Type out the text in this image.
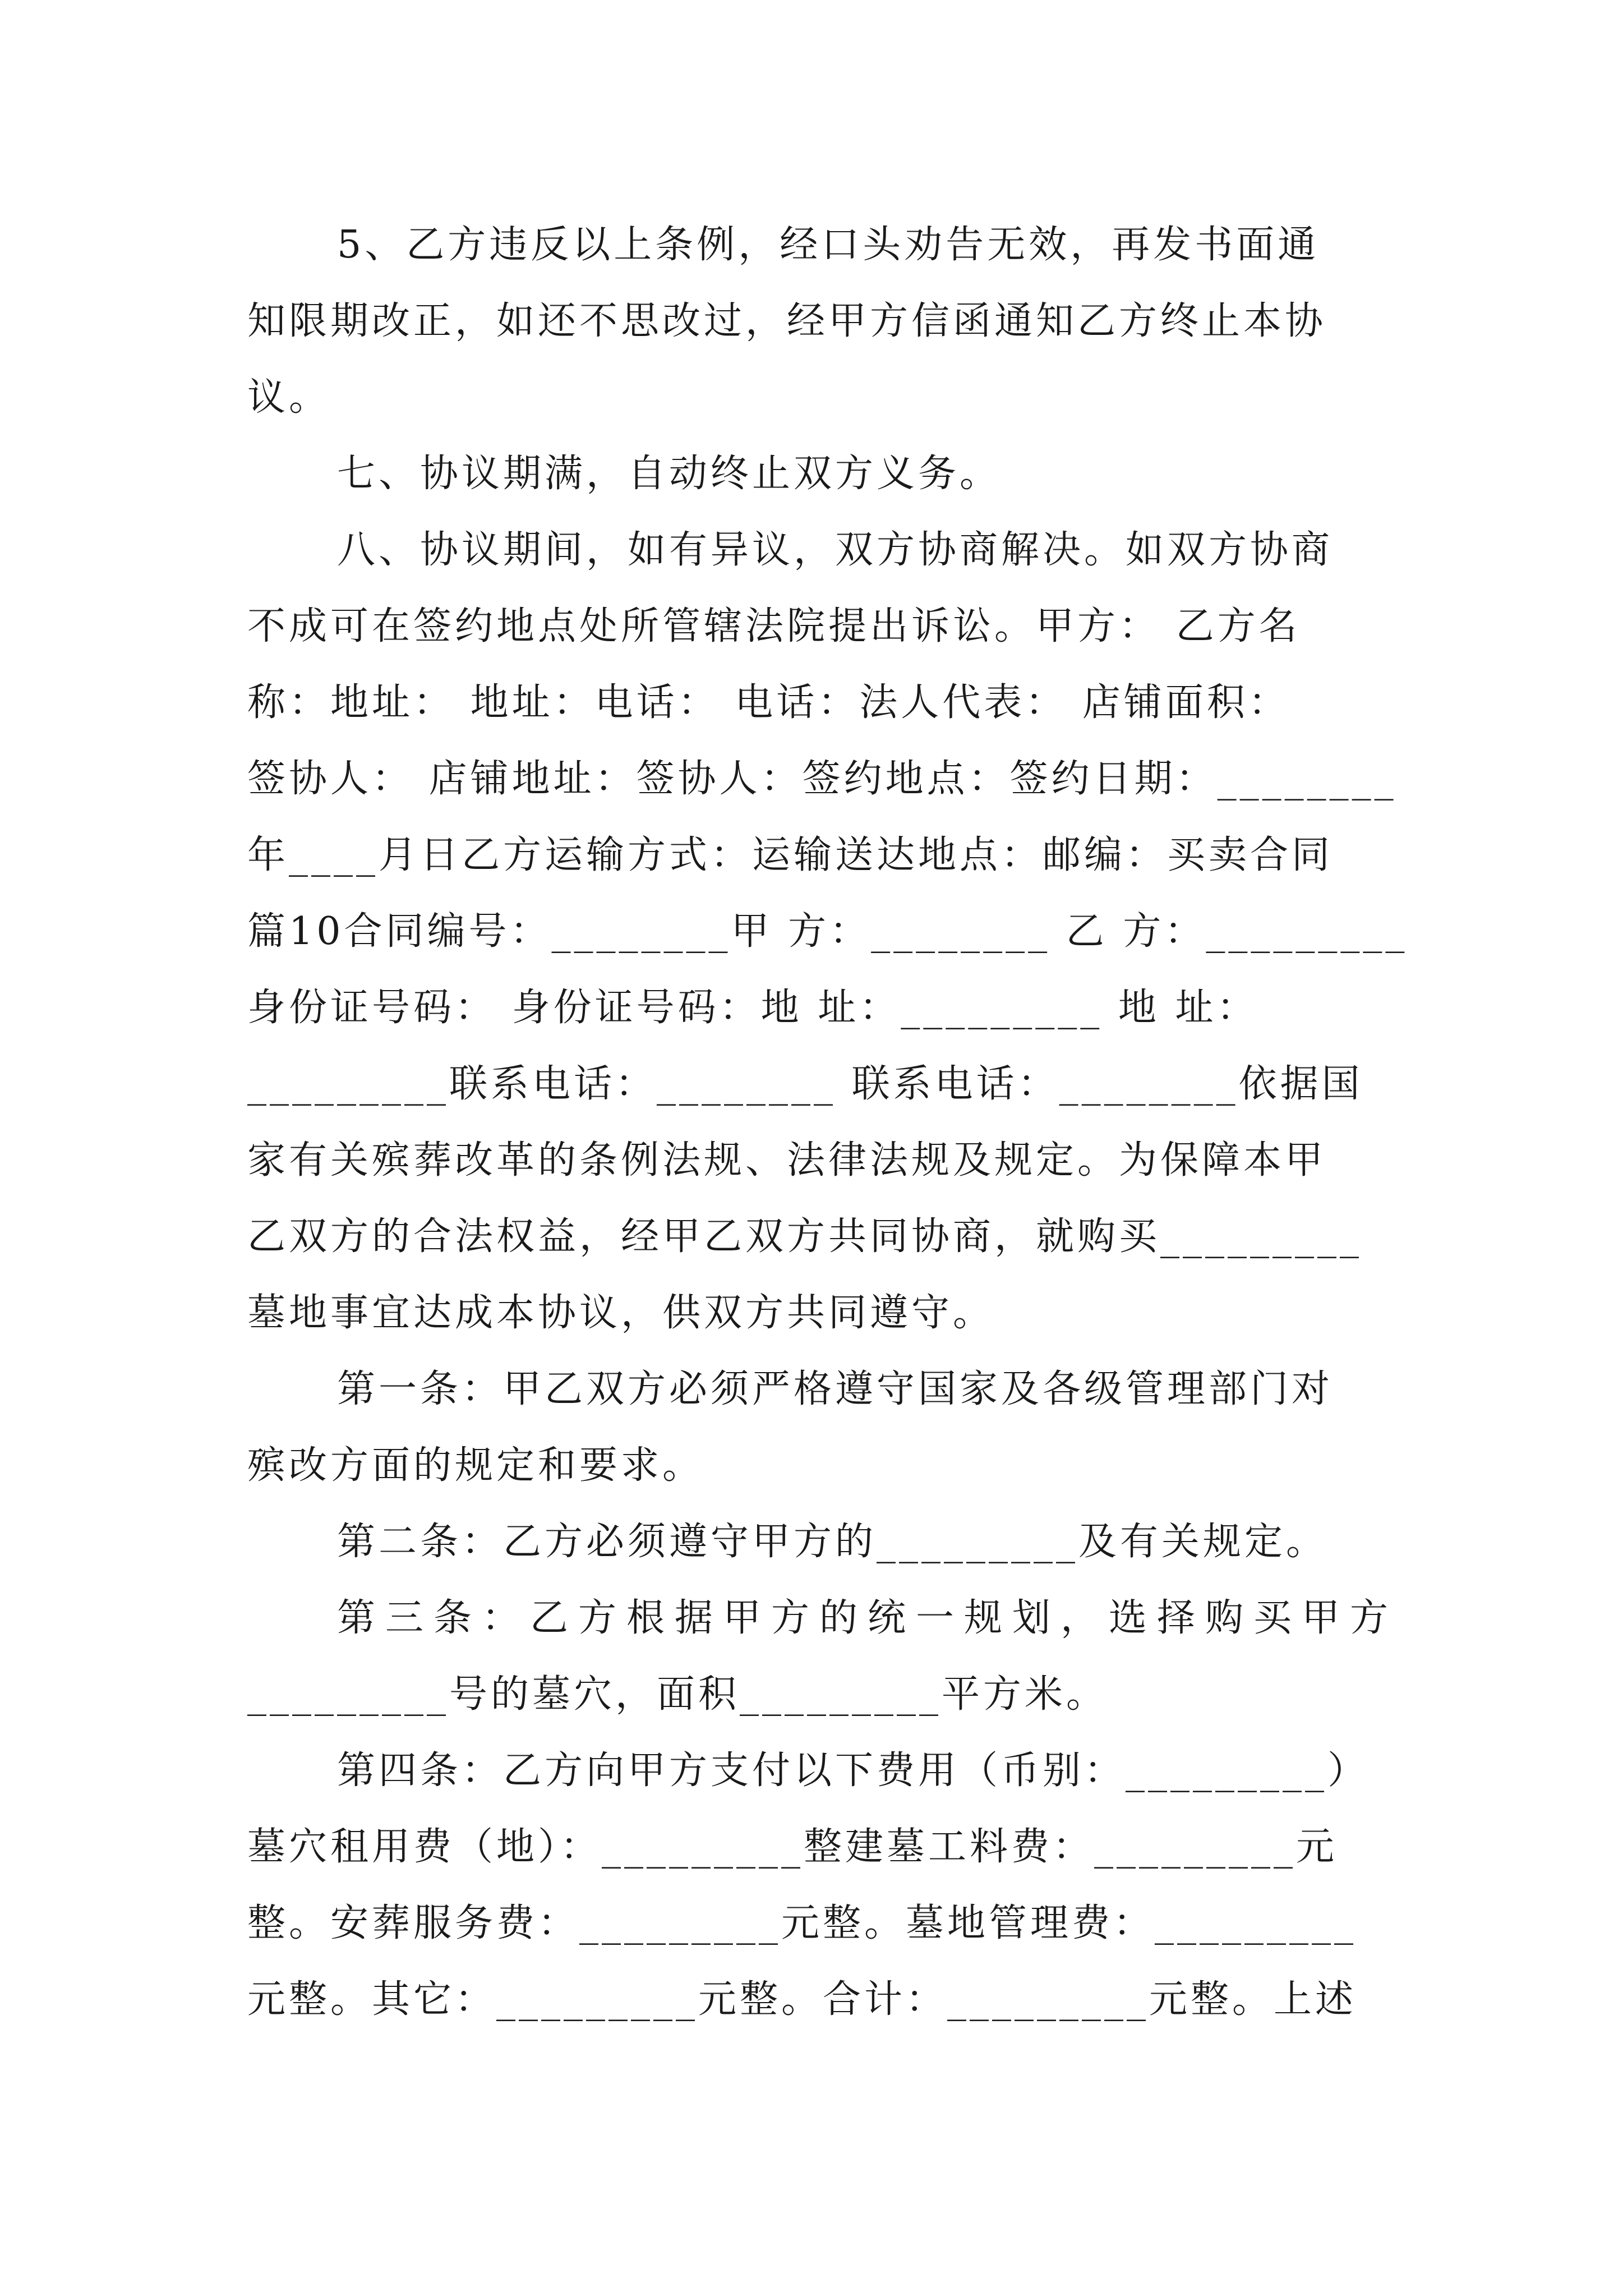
5、乙方违反以上条例，经口头劝告无效，再发书面通
知限期改正，如还不思改过，经甲方信函通知乙方终止本协
议。
七、协议期满，自动终止双方义务。
八、协议期间，如有异议，双方协商解决。如双方协商
不成可在签约地点处所管辖法院提出诉讼。甲方： 乙方名
称：地址： 地址：电话： 电话：法人代表： 店铺面积：
签协人： 店铺地址：签协人：签约地点：签约日期：________
年____月日乙方运输方式：运输送达地点：邮编：买卖合同
篇10合同编号：________甲 方：________ 乙 方：_________
身份证号码： 身份证号码：地 址：_________ 地 址：
_________联系电话：________ 联系电话：________依据国
家有关殡葬改革的条例法规、法律法规及规定。为保障本甲
乙双方的合法权益，经甲乙双方共同协商，就购买_________
墓地事宜达成本协议，供双方共同遵守。
第一条：甲乙双方必须严格遵守国家及各级管理部门对
殡改方面的规定和要求。
第二条：乙方必须遵守甲方的_________及有关规定。
第三条：乙方根据甲方的统一规划，选择购买甲方
_________号的墓穴，面积_________平方米。
第四条：乙方向甲方支付以下费用（币别：_________）
墓穴租用费（地）：_________整建墓工料费：_________元
整。安葬服务费：_________元整。墓地管理费：_________
元整。其它：_________元整。合计：_________元整。上述
